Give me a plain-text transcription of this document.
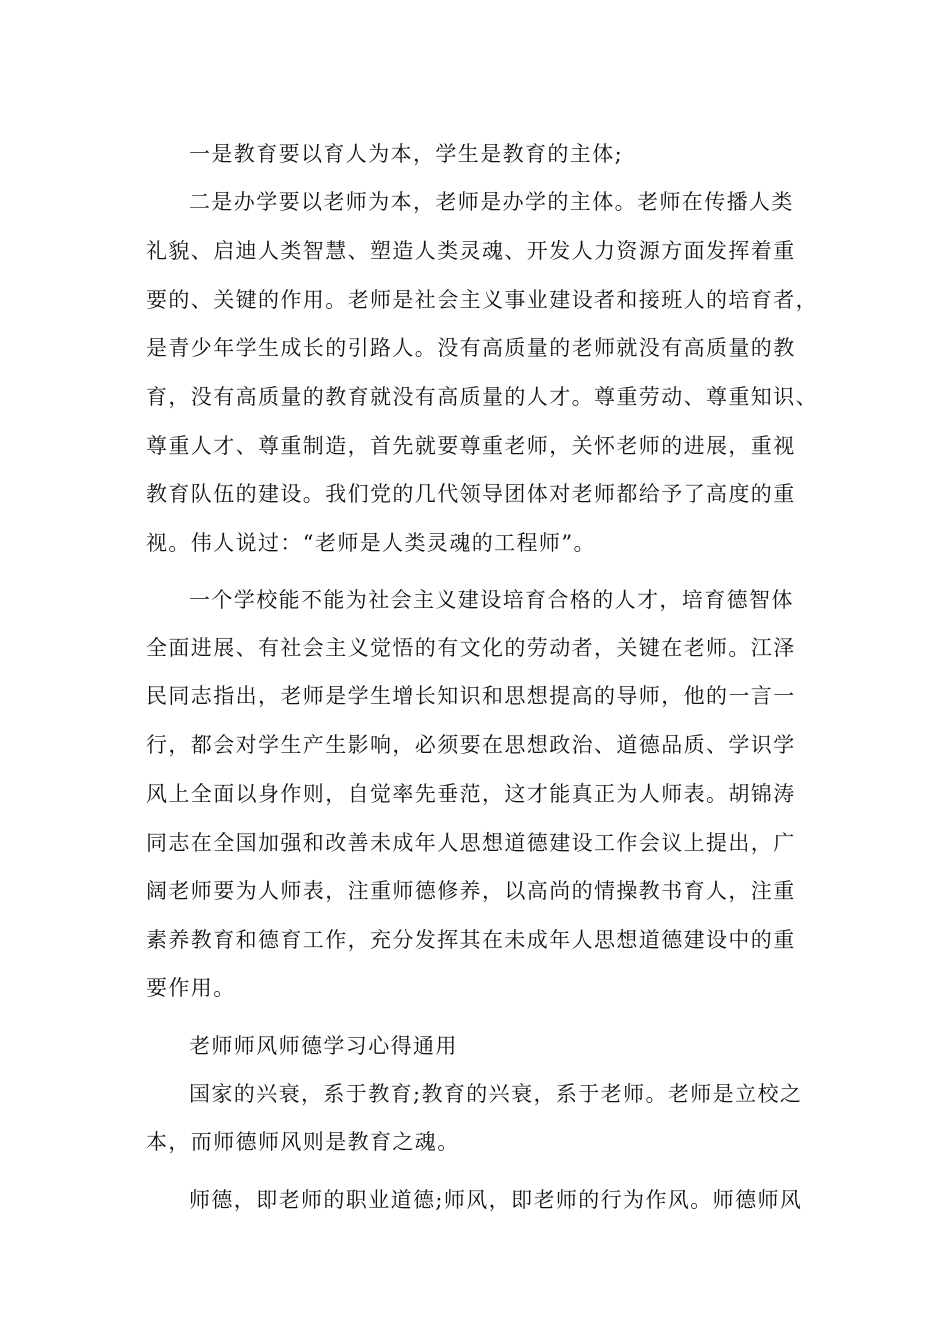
一是教育要以育人为本，学生是教育的主体;

二是办学要以老师为本，老师是办学的主体。老师在传播人类

礼貌、启迪人类智慧、塑造人类灵魂、开发人力资源方面发挥着重

要的、关键的作用。老师是社会主义事业建设者和接班人的培育者，

是青少年学生成长的引路人。没有高质量的老师就没有高质量的教

育，没有高质量的教育就没有高质量的人才。尊重劳动、尊重知识、

尊重人才、尊重制造，首先就要尊重老师，关怀老师的进展，重视

教育队伍的建设。我们党的几代领导团体对老师都给予了高度的重

视。伟人说过：“老师是人类灵魂的工程师”。

一个学校能不能为社会主义建设培育合格的人才，培育德智体

全面进展、有社会主义觉悟的有文化的劳动者，关键在老师。江泽

民同志指出，老师是学生增长知识和思想提高的导师，他的一言一

行，都会对学生产生影响，必须要在思想政治、道德品质、学识学

风上全面以身作则，自觉率先垂范，这才能真正为人师表。胡锦涛

同志在全国加强和改善未成年人思想道德建设工作会议上提出，广

阔老师要为人师表，注重师德修养，以高尚的情操教书育人，注重

素养教育和德育工作，充分发挥其在未成年人思想道德建设中的重

要作用。

老师师风师德学习心得通用

国家的兴衰，系于教育;教育的兴衰，系于老师。老师是立校之

本，而师德师风则是教育之魂。

师德，即老师的职业道德;师风，即老师的行为作风。师德师风
